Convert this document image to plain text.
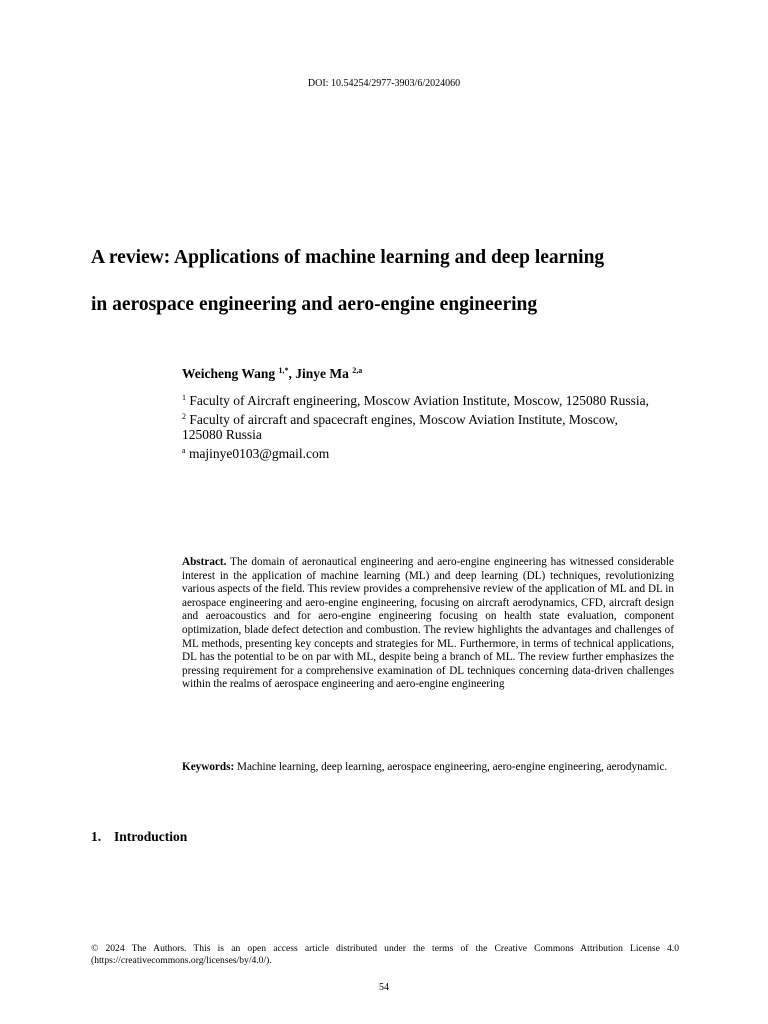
DOI: 10.54254/2977-3903/6/2024060
A review: Applications of machine learning and deep learning
in aerospace engineering and aero-engine engineering
Weicheng Wang $^{1,*}$, Jinye Ma $^{2,a}$
$^1$ Faculty of Aircraft engineering, Moscow Aviation Institute, Moscow, 125080 Russia,
$^2$ Faculty of aircraft and spacecraft engines, Moscow Aviation Institute, Moscow, 125080 Russia
$^a$ majinye0103@gmail.com
Abstract. The domain of aeronautical engineering and aero-engine engineering has witnessed considerable interest in the application of machine learning (ML) and deep learning (DL) techniques, revolutionizing various aspects of the field. This review provides a comprehensive review of the application of ML and DL in aerospace engineering and aero-engine engineering, focusing on aircraft aerodynamics, CFD, aircraft design and aeroacoustics and for aero-engine engineering focusing on health state evaluation, component optimization, blade defect detection and combustion. The review highlights the advantages and challenges of ML methods, presenting key concepts and strategies for ML. Furthermore, in terms of technical applications, DL has the potential to be on par with ML, despite being a branch of ML. The review further emphasizes the pressing requirement for a comprehensive examination of DL techniques concerning data-driven challenges within the realms of aerospace engineering and aero-engine engineering
Keywords: Machine learning, deep learning, aerospace engineering, aero-engine engineering, aerodynamic.
1. Introduction
© 2024 The Authors. This is an open access article distributed under the terms of the Creative Commons Attribution License 4.0 (https://creativecommons.org/licenses/by/4.0/).
54
